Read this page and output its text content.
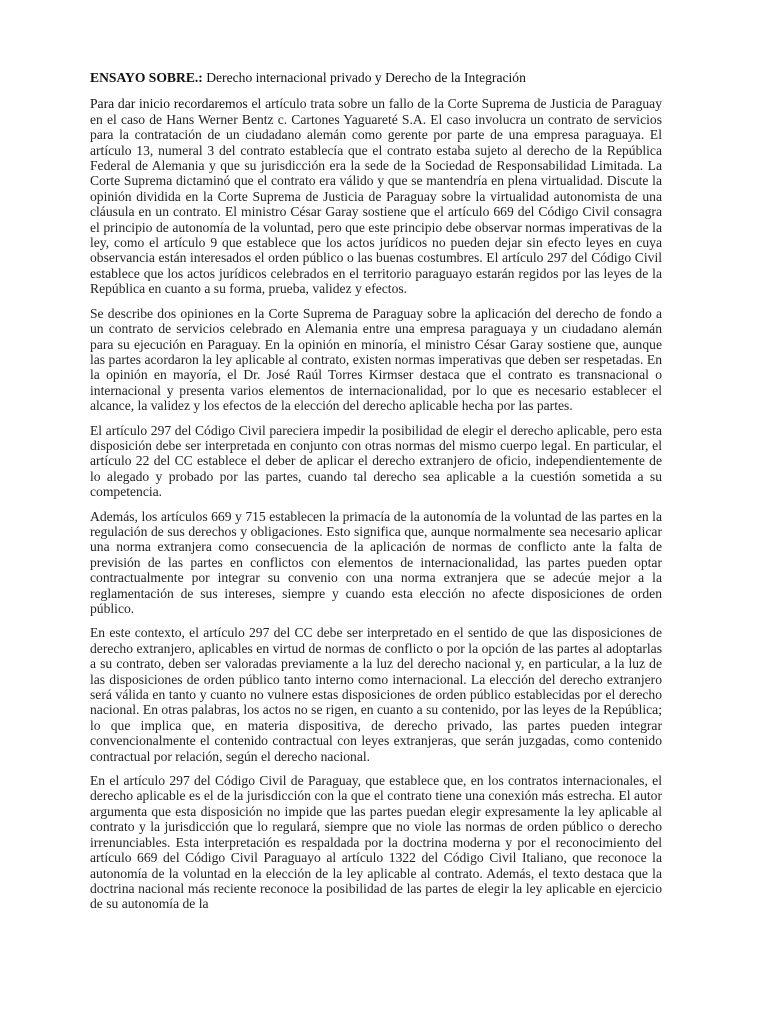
ENSAYO SOBRE.: Derecho internacional privado y Derecho de la Integración

Para dar inicio recordaremos el artículo trata sobre un fallo de la Corte Suprema de Justicia de Paraguay en el caso de Hans Werner Bentz c. Cartones Yaguareté S.A. El caso involucra un contrato de servicios para la contratación de un ciudadano alemán como gerente por parte de una empresa paraguaya. El artículo 13, numeral 3 del contrato establecía que el contrato estaba sujeto al derecho de la República Federal de Alemania y que su jurisdicción era la sede de la Sociedad de Responsabilidad Limitada. La Corte Suprema dictaminó que el contrato era válido y que se mantendría en plena virtualidad. Discute la opinión dividida en la Corte Suprema de Justicia de Paraguay sobre la virtualidad autonomista de una cláusula en un contrato. El ministro César Garay sostiene que el artículo 669 del Código Civil consagra el principio de autonomía de la voluntad, pero que este principio debe observar normas imperativas de la ley, como el artículo 9 que establece que los actos jurídicos no pueden dejar sin efecto leyes en cuya observancia están interesados el orden público o las buenas costumbres. El artículo 297 del Código Civil establece que los actos jurídicos celebrados en el territorio paraguayo estarán regidos por las leyes de la República en cuanto a su forma, prueba, validez y efectos.

Se describe dos opiniones en la Corte Suprema de Paraguay sobre la aplicación del derecho de fondo a un contrato de servicios celebrado en Alemania entre una empresa paraguaya y un ciudadano alemán para su ejecución en Paraguay. En la opinión en minoría, el ministro César Garay sostiene que, aunque las partes acordaron la ley aplicable al contrato, existen normas imperativas que deben ser respetadas. En la opinión en mayoría, el Dr. José Raúl Torres Kirmser destaca que el contrato es transnacional o internacional y presenta varios elementos de internacionalidad, por lo que es necesario establecer el alcance, la validez y los efectos de la elección del derecho aplicable hecha por las partes.

El artículo 297 del Código Civil pareciera impedir la posibilidad de elegir el derecho aplicable, pero esta disposición debe ser interpretada en conjunto con otras normas del mismo cuerpo legal. En particular, el artículo 22 del CC establece el deber de aplicar el derecho extranjero de oficio, independientemente de lo alegado y probado por las partes, cuando tal derecho sea aplicable a la cuestión sometida a su competencia.

Además, los artículos 669 y 715 establecen la primacía de la autonomía de la voluntad de las partes en la regulación de sus derechos y obligaciones. Esto significa que, aunque normalmente sea necesario aplicar una norma extranjera como consecuencia de la aplicación de normas de conflicto ante la falta de previsión de las partes en conflictos con elementos de internacionalidad, las partes pueden optar contractualmente por integrar su convenio con una norma extranjera que se adecúe mejor a la reglamentación de sus intereses, siempre y cuando esta elección no afecte disposiciones de orden público.

En este contexto, el artículo 297 del CC debe ser interpretado en el sentido de que las disposiciones de derecho extranjero, aplicables en virtud de normas de conflicto o por la opción de las partes al adoptarlas a su contrato, deben ser valoradas previamente a la luz del derecho nacional y, en particular, a la luz de las disposiciones de orden público tanto interno como internacional. La elección del derecho extranjero será válida en tanto y cuanto no vulnere estas disposiciones de orden público establecidas por el derecho nacional. En otras palabras, los actos no se rigen, en cuanto a su contenido, por las leyes de la República; lo que implica que, en materia dispositiva, de derecho privado, las partes pueden integrar convencionalmente el contenido contractual con leyes extranjeras, que serán juzgadas, como contenido contractual por relación, según el derecho nacional.

En el artículo 297 del Código Civil de Paraguay, que establece que, en los contratos internacionales, el derecho aplicable es el de la jurisdicción con la que el contrato tiene una conexión más estrecha. El autor argumenta que esta disposición no impide que las partes puedan elegir expresamente la ley aplicable al contrato y la jurisdicción que lo regulará, siempre que no viole las normas de orden público o derecho irrenunciables. Esta interpretación es respaldada por la doctrina moderna y por el reconocimiento del artículo 669 del Código Civil Paraguayo al artículo 1322 del Código Civil Italiano, que reconoce la autonomía de la voluntad en la elección de la ley aplicable al contrato. Además, el texto destaca que la doctrina nacional más reciente reconoce la posibilidad de las partes de elegir la ley aplicable en ejercicio de su autonomía de la
